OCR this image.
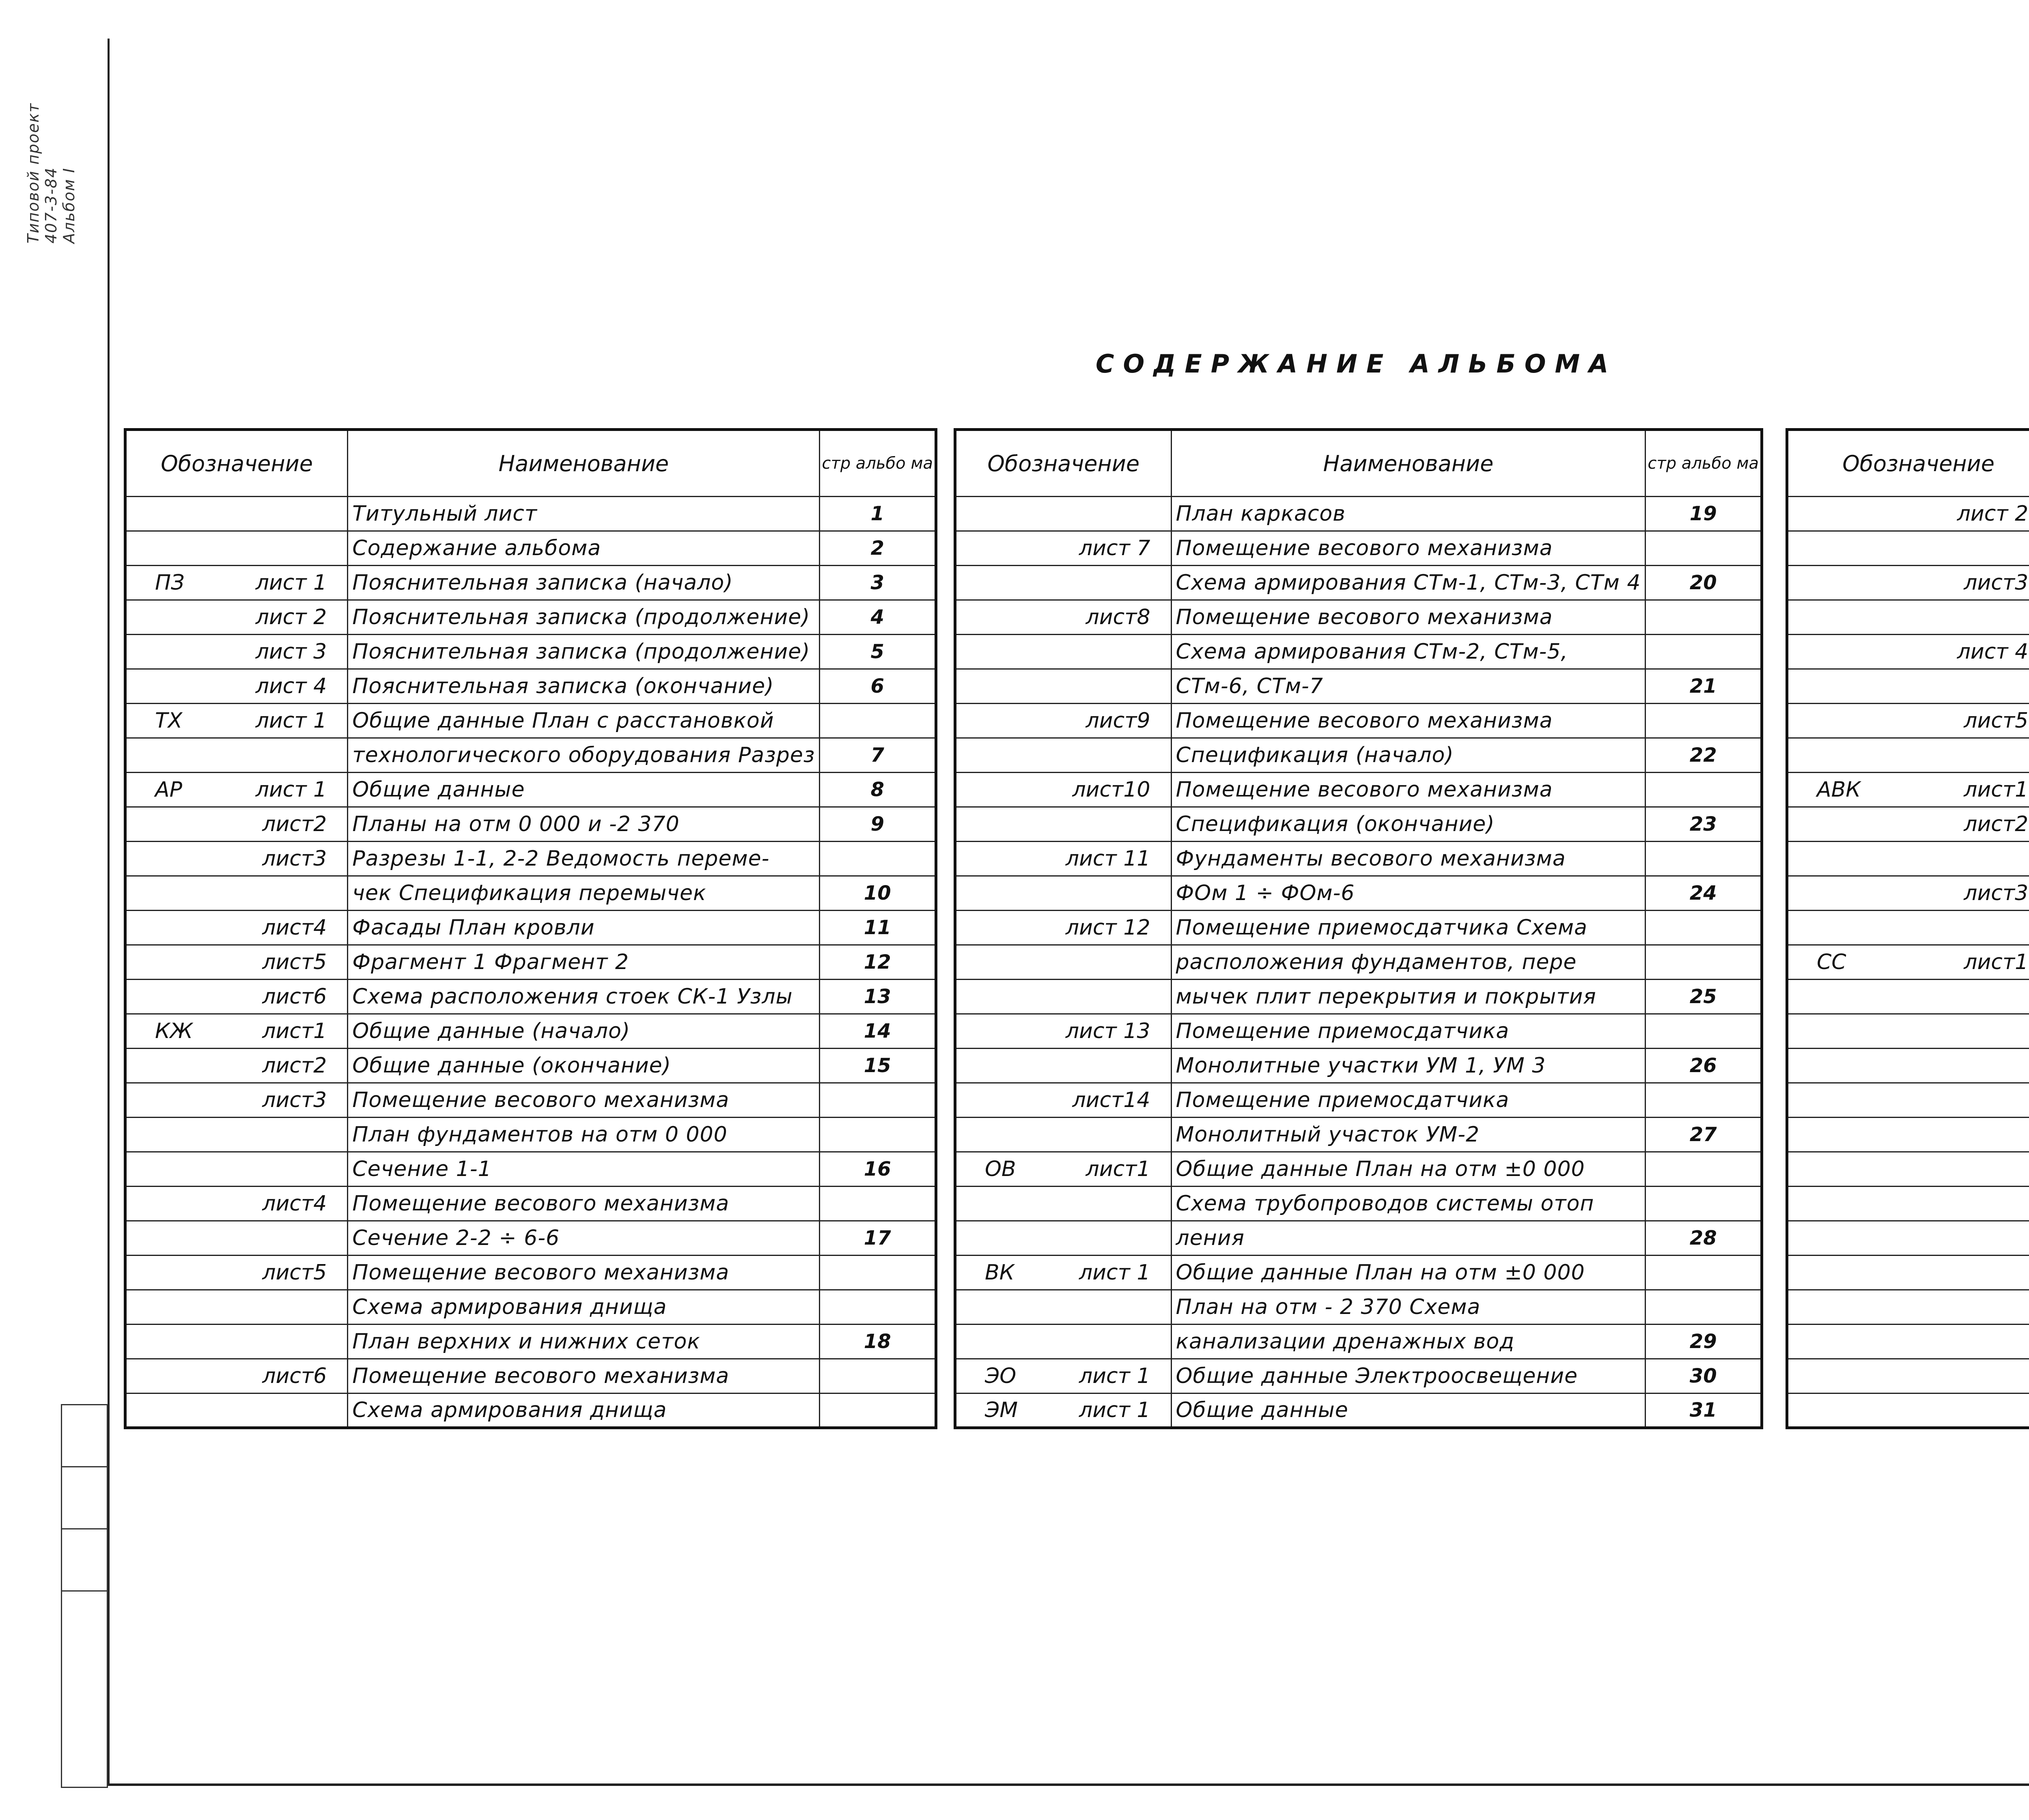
Типовой проект 407-3-84 Альбом I
СОДЕРЖАНИЕ АЛЬБОМА
Обозначение	Наименование	стр альбо ма
	Титульный лист	1
	Содержание альбома	2
ПЗ лист 1	Пояснительная записка (начало)	3
лист 2	Пояснительная записка (продолжение)	4
лист 3	Пояснительная записка (продолжение)	5
лист 4	Пояснительная записка (окончание)	6
ТХ лист 1	Общие данные План с расстановкой	
	технологического оборудования Разрез	7
АР лист 1	Общие данные	8
лист2	Планы на отм 0 000 и -2 370	9
лист3	Разрезы 1-1, 2-2 Ведомость переме-	
	чек Спецификация перемычек	10
лист4	Фасады План кровли	11
лист5	Фрагмент 1 Фрагмент 2	12
лист6	Схема расположения стоек СК-1 Узлы	13
КЖ лист1	Общие данные (начало)	14
лист2	Общие данные (окончание)	15
лист3	Помещение весового механизма	
	План фундаментов на отм 0 000	
	Сечение 1-1	16
лист4	Помещение весового механизма	
	Сечение 2-2 ÷ 6-6	17
лист5	Помещение весового механизма	
	Схема армирования днища	
	План верхних и нижних сеток	18
лист6	Помещение весового механизма	
	Схема армирования днища	
Обозначение	Наименование	стр альбо ма
	План каркасов	19
лист 7	Помещение весового механизма	
	Схема армирования СТм-1, СТм-3, СТм 4	20
лист8	Помещение весового механизма	
	Схема армирования СТм-2, СТм-5,	
	СТм-6, СТм-7	21
лист9	Помещение весового механизма	
	Спецификация (начало)	22
лист10	Помещение весового механизма	
	Спецификация (окончание)	23
лист 11	Фундаменты весового механизма	
	ФОм 1 ÷ ФОм-6	24
лист 12	Помещение приемосдатчика Схема	
	расположения фундаментов, пере	
	мычек плит перекрытия и покрытия	25
лист 13	Помещение приемосдатчика	
	Монолитные участки УМ 1, УМ 3	26
лист14	Помещение приемосдатчика	
	Монолитный участок УМ-2	27
ОВ лист1	Общие данные План на отм ±0 000	
	Схема трубопроводов системы отоп	
	ления	28
ВК лист 1	Общие данные План на отм ±0 000	
	План на отм - 2 370 Схема	
	канализации дренажных вод	29
ЭО лист 1	Общие данные Электроосвещение	30
ЭМ лист 1	Общие данные	31
Обозначение		
лист 2		

лист3		

лист 4		

лист5		

АВК лист1		
лист2		

лист3		

СС лист1		
